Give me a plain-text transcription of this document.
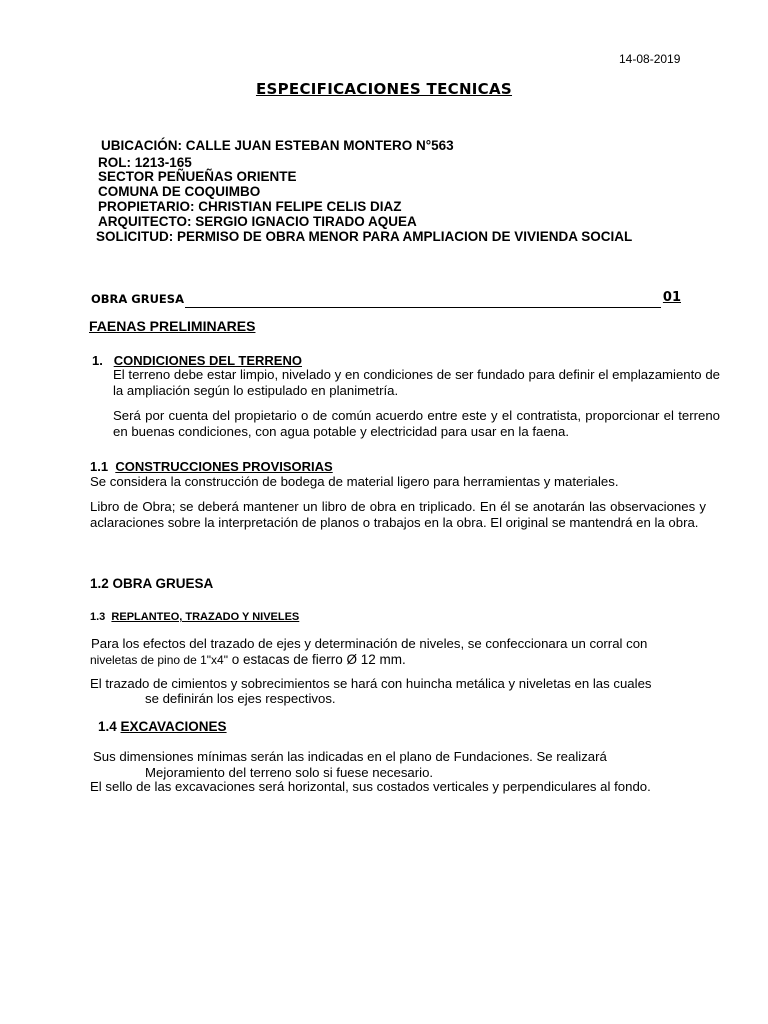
14-08-2019
ESPECIFICACIONES TECNICAS
UBICACIÓN: CALLE JUAN ESTEBAN MONTERO N°563
ROL: 1213-165
SECTOR PEÑUEÑAS ORIENTE
COMUNA DE COQUIMBO
PROPIETARIO: CHRISTIAN FELIPE CELIS DIAZ
ARQUITECTO: SERGIO IGNACIO TIRADO AQUEA
SOLICITUD: PERMISO DE OBRA MENOR PARA AMPLIACION DE VIVIENDA SOCIAL
OBRA GRUESA	01
FAENAS PRELIMINARES
1. CONDICIONES DEL TERRENO
El terreno debe estar limpio, nivelado y en condiciones de ser fundado para definir el emplazamiento de la ampliación según lo estipulado en planimetría.
Será por cuenta del propietario o de común acuerdo entre este y el contratista, proporcionar el terreno en buenas condiciones, con agua potable y electricidad para usar en la faena.
1.1 CONSTRUCCIONES PROVISORIAS
Se considera la construcción de bodega de material ligero para herramientas y materiales.
Libro de Obra; se deberá mantener un libro de obra en triplicado. En él se anotarán las observaciones y aclaraciones sobre la interpretación de planos o trabajos en la obra. El original se mantendrá en la obra.
1.2 OBRA GRUESA
1.3 REPLANTEO, TRAZADO Y NIVELES
Para los efectos del trazado de ejes y determinación de niveles, se confeccionara un corral con
niveletas de pino de 1"x4" o estacas de fierro Ø 12 mm.
El trazado de cimientos y sobrecimientos se hará con huincha metálica y niveletas en las cuales
se definirán los ejes respectivos.
1.4 EXCAVACIONES
Sus dimensiones mínimas serán las indicadas en el plano de Fundaciones. Se realizará
Mejoramiento del terreno solo si fuese necesario.
El sello de las excavaciones será horizontal, sus costados verticales y perpendiculares al fondo.
